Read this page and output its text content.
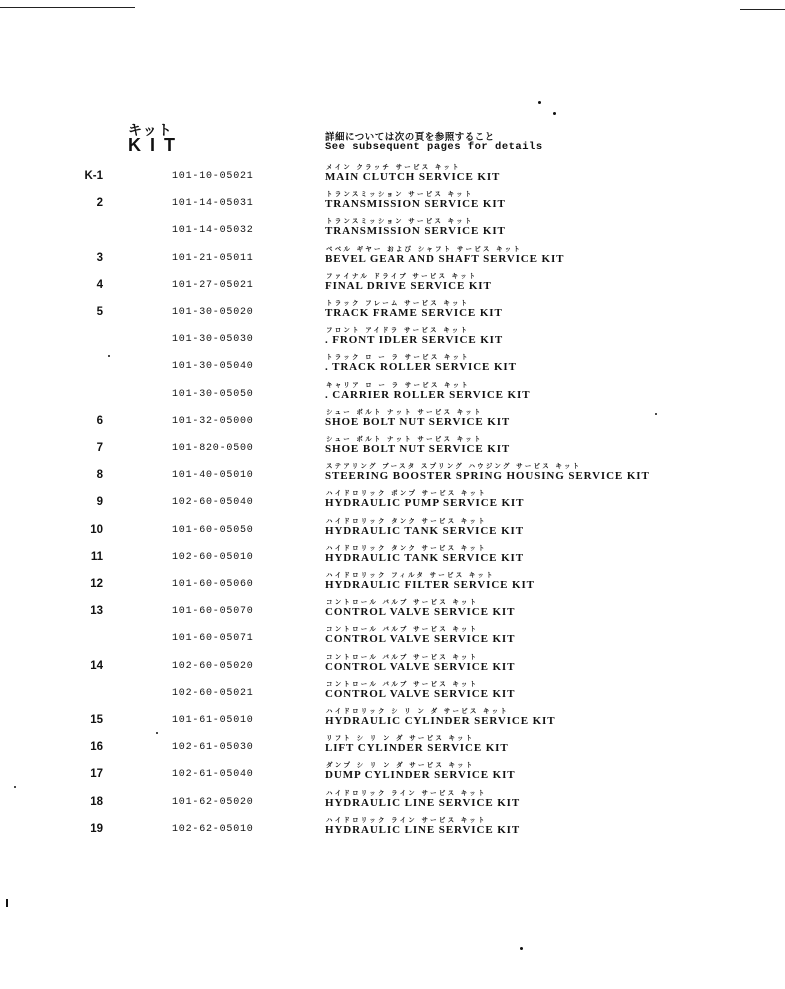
キット
KIT	詳細については次の頁を参照すること
See subsequent pages for details
K-1	101-10-05021
メイン クラッチ サービス キット
MAIN CLUTCH SERVICE KIT
2	101-14-05031
トランスミッション サービス キット
TRANSMISSION SERVICE KIT
101-14-05032
トランスミッション サービス キット
TRANSMISSION SERVICE KIT
3	101-21-05011
ベベル ギヤー および シャフト サービス キット
BEVEL GEAR AND SHAFT SERVICE KIT
4	101-27-05021
ファイナル ドライブ サービス キット
FINAL DRIVE SERVICE KIT
5	101-30-05020
トラック フレーム サービス キット
TRACK FRAME SERVICE KIT
101-30-05030
フロント アイドラ サービス キット
. FRONT IDLER SERVICE KIT
101-30-05040
トラック ロ ー ラ サービス キット
. TRACK ROLLER SERVICE KIT
101-30-05050
キャリア ロ ー ラ サービス キット
. CARRIER ROLLER SERVICE KIT
6	101-32-05000
シュー ボルト ナット サービス キット
SHOE BOLT NUT SERVICE KIT
7	101-820-0500
シュー ボルト ナット サービス キット
SHOE BOLT NUT SERVICE KIT
8	101-40-05010
ステアリング ブースタ スプリング ハウジング サービス キット
STEERING BOOSTER SPRING HOUSING SERVICE KIT
9	102-60-05040
ハイドロリック ポンプ サービス キット
HYDRAULIC PUMP SERVICE KIT
10	101-60-05050
ハイドロリック タンク サービス キット
HYDRAULIC TANK SERVICE KIT
11	102-60-05010
ハイドロリック タンク サービス キット
HYDRAULIC TANK SERVICE KIT
12	101-60-05060
ハイドロリック フィルタ サービス キット
HYDRAULIC FILTER SERVICE KIT
13	101-60-05070
コントロール バルブ サービス キット
CONTROL VALVE SERVICE KIT
101-60-05071
コントロール バルブ サービス キット
CONTROL VALVE SERVICE KIT
14	102-60-05020
コントロール バルブ サービス キット
CONTROL VALVE SERVICE KIT
102-60-05021
コントロール バルブ サービス キット
CONTROL VALVE SERVICE KIT
15	101-61-05010
ハイドロリック シ リ ン ダ サービス キット
HYDRAULIC CYLINDER SERVICE KIT
16	102-61-05030
リフト シ リ ン ダ サービス キット
LIFT CYLINDER SERVICE KIT
17	102-61-05040
ダンプ シ リ ン ダ サービス キット
DUMP CYLINDER SERVICE KIT
18	101-62-05020
ハイドロリック ライン サービス キット
HYDRAULIC LINE SERVICE KIT
19	102-62-05010
ハイドロリック ライン サービス キット
HYDRAULIC LINE SERVICE KIT
